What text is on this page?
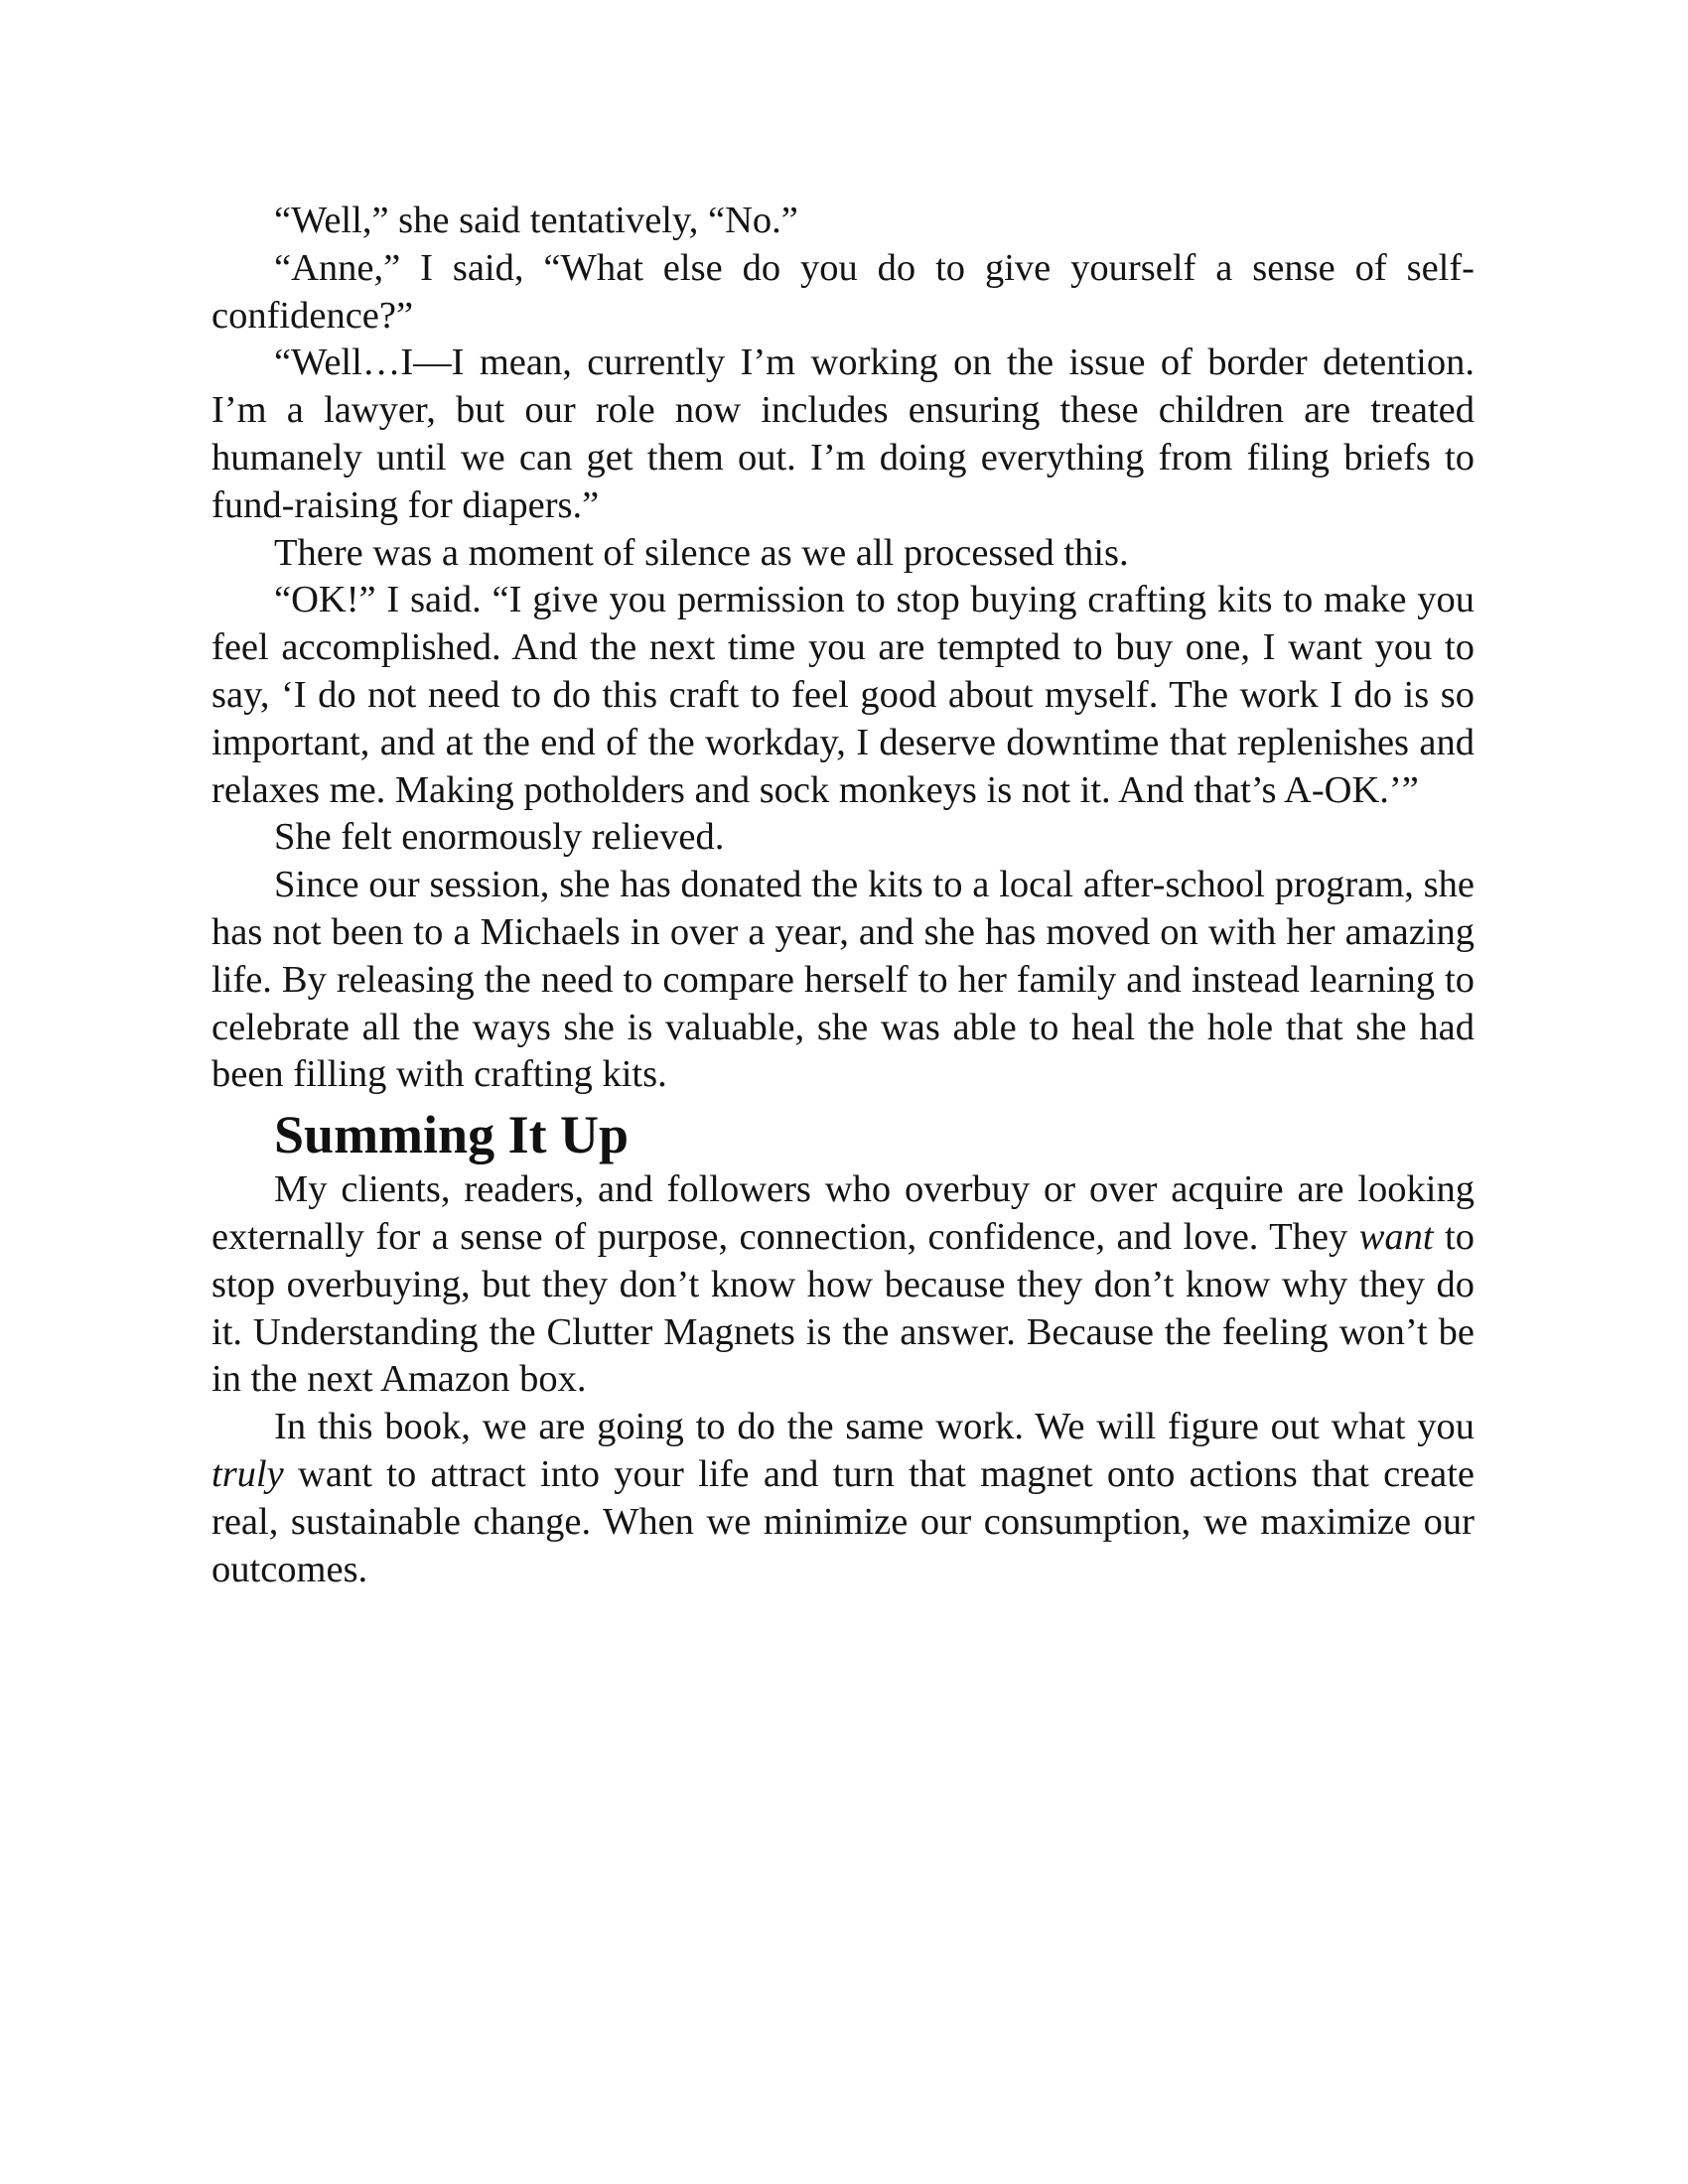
“Well,” she said tentatively, “No.”

“Anne,” I said, “What else do you do to give yourself a sense of self-confidence?”

“Well…I—I mean, currently I’m working on the issue of border detention. I’m a lawyer, but our role now includes ensuring these children are treated humanely until we can get them out. I’m doing everything from filing briefs to fund-raising for diapers.”

There was a moment of silence as we all processed this.

“OK!” I said. “I give you permission to stop buying crafting kits to make you feel accomplished. And the next time you are tempted to buy one, I want you to say, ‘I do not need to do this craft to feel good about myself. The work I do is so important, and at the end of the workday, I deserve downtime that replenishes and relaxes me. Making potholders and sock monkeys is not it. And that’s A-OK.’”

She felt enormously relieved.

Since our session, she has donated the kits to a local after-school program, she has not been to a Michaels in over a year, and she has moved on with her amazing life. By releasing the need to compare herself to her family and instead learning to celebrate all the ways she is valuable, she was able to heal the hole that she had been filling with crafting kits.

Summing It Up

My clients, readers, and followers who overbuy or over acquire are looking externally for a sense of purpose, connection, confidence, and love. They want to stop overbuying, but they don’t know how because they don’t know why they do it. Understanding the Clutter Magnets is the answer. Because the feeling won’t be in the next Amazon box.

In this book, we are going to do the same work. We will figure out what you truly want to attract into your life and turn that magnet onto actions that create real, sustainable change. When we minimize our consumption, we maximize our outcomes.
